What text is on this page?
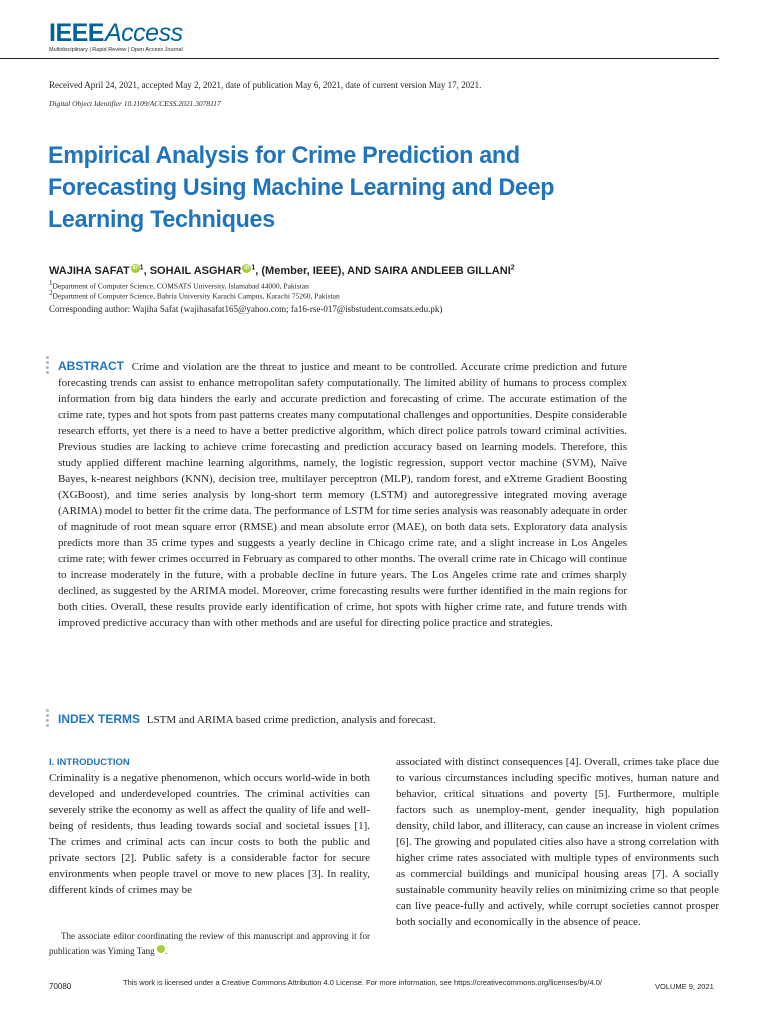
IEEEAccess
Multidisciplinary | Rapid Review | Open Access Journal
Received April 24, 2021, accepted May 2, 2021, date of publication May 6, 2021, date of current version May 17, 2021.
Digital Object Identifier 10.1109/ACCESS.2021.3078117
Empirical Analysis for Crime Prediction and Forecasting Using Machine Learning and Deep Learning Techniques
WAJIHA SAFAT iD $^1$, SOHAIL ASGHAR iD $^1$, (Member, IEEE), AND SAIRA ANDLEEB GILLANI$^2$
$^1$Department of Computer Science, COMSATS University, Islamabad 44000, Pakistan
$^2$Department of Computer Science, Bahria University Karachi Campus, Karachi 75260, Pakistan
Corresponding author: Wajiha Safat (wajihasafat165@yahoo.com; fa16-rse-017@isbstudent.comsats.edu.pk)
ABSTRACT Crime and violation are the threat to justice and meant to be controlled. Accurate crime prediction and future forecasting trends can assist to enhance metropolitan safety computationally. The limited ability of humans to process complex information from big data hinders the early and accurate prediction and forecasting of crime. The accurate estimation of the crime rate, types and hot spots from past patterns creates many computational challenges and opportunities. Despite considerable research efforts, yet there is a need to have a better predictive algorithm, which direct police patrols toward criminal activities. Previous studies are lacking to achieve crime forecasting and prediction accuracy based on learning models. Therefore, this study applied different machine learning algorithms, namely, the logistic regression, support vector machine (SVM), Naïve Bayes, k-nearest neighbors (KNN), decision tree, multilayer perceptron (MLP), random forest, and eXtreme Gradient Boosting (XGBoost), and time series analysis by long-short term memory (LSTM) and autoregressive integrated moving average (ARIMA) model to better fit the crime data. The performance of LSTM for time series analysis was reasonably adequate in order of magnitude of root mean square error (RMSE) and mean absolute error (MAE), on both data sets. Exploratory data analysis predicts more than 35 crime types and suggests a yearly decline in Chicago crime rate, and a slight increase in Los Angeles crime rate; with fewer crimes occurred in February as compared to other months. The overall crime rate in Chicago will continue to increase moderately in the future, with a probable decline in future years. The Los Angeles crime rate and crimes sharply declined, as suggested by the ARIMA model. Moreover, crime forecasting results were further identified in the main regions for both cities. Overall, these results provide early identification of crime, hot spots with higher crime rate, and future trends with improved predictive accuracy than with other methods and are useful for directing police practice and strategies.
INDEX TERMS LSTM and ARIMA based crime prediction, analysis and forecast.
I. INTRODUCTION
Criminality is a negative phenomenon, which occurs world-wide in both developed and underdeveloped countries. The criminal activities can severely strike the economy as well as affect the quality of life and well-being of residents, thus leading towards social and societal issues [1]. The crimes and criminal acts can incur costs to both the public and private sectors [2]. Public safety is a considerable factor for secure environments when people travel or move to new places [3]. In reality, different kinds of crimes may be
The associate editor coordinating the review of this manuscript and approving it for publication was Yiming Tang	iD.
associated with distinct consequences [4]. Overall, crimes take place due to various circumstances including specific motives, human nature and behavior, critical situations and poverty [5]. Furthermore, multiple factors such as unemploy-ment, gender inequality, high population density, child labor, and illiteracy, can cause an increase in violent crimes [6]. The growing and populated cities also have a strong correlation with higher crime rates associated with multiple types of environments such as commercial buildings and municipal housing areas [7]. A socially sustainable community heavily relies on minimizing crime so that people can live peace-fully and actively, while corrupt societies cannot prosper both socially and economically in the absence of peace.
70080	This work is licensed under a Creative Commons Attribution 4.0 License. For more information, see https://creativecommons.org/licenses/by/4.0/	VOLUME 9, 2021
